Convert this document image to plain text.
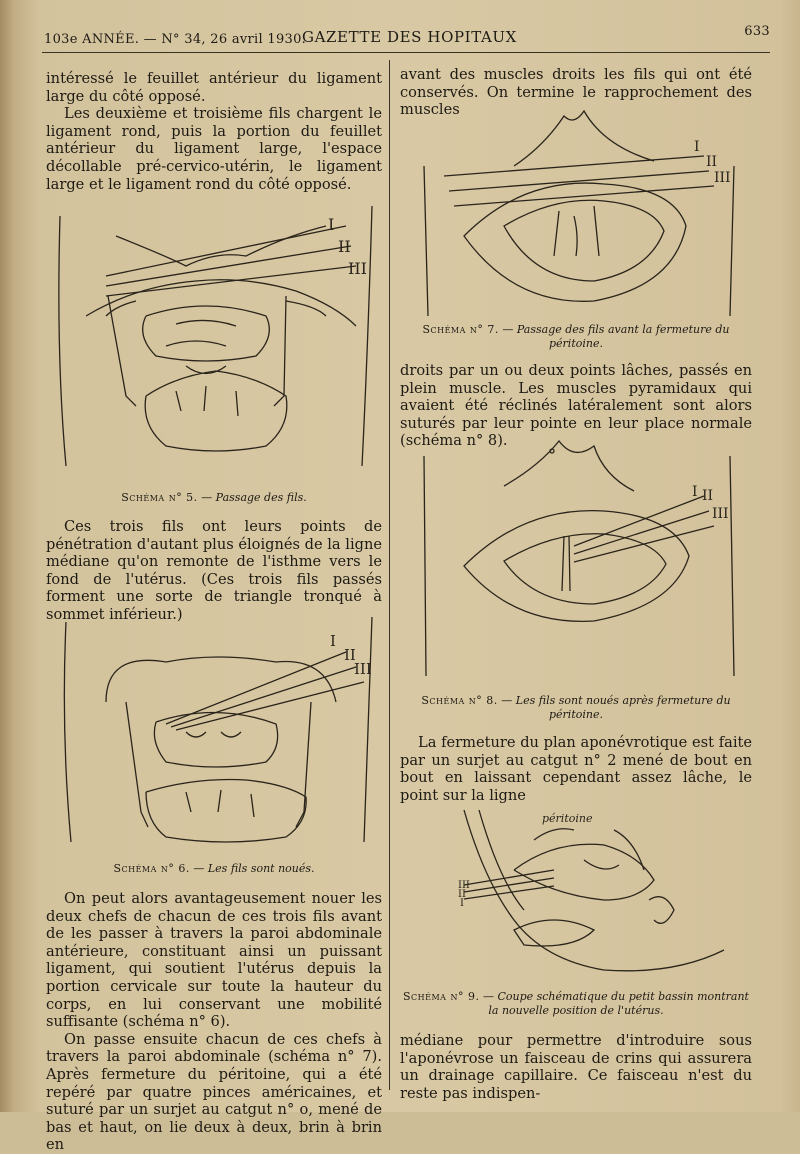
103e ANNÉE. — N° 34, 26 avril 1930.
GAZETTE DES HOPITAUX	633

intéressé le feuillet antérieur du ligament large du côté opposé.

Les deuxième et troisième fils chargent le ligament rond, puis la portion du feuillet antérieur du ligament large, l'espace décollable pré-cervico-utérin, le ligament large et le ligament rond du côté opposé.

I
II
III
Schéma n° 5. — Passage des fils.

Ces trois fils ont leurs points de pénétration d'autant plus éloignés de la ligne médiane qu'on remonte de l'isthme vers le fond de l'utérus. (Ces trois fils passés forment une sorte de triangle tronqué à sommet inférieur.)

I
II
III
Schéma n° 6. — Les fils sont noués.

On peut alors avantageusement nouer les deux chefs de chacun de ces trois fils avant de les passer à travers la paroi abdominale antérieure, constituant ainsi un puissant ligament, qui soutient l'utérus depuis la portion cervicale sur toute la hauteur du corps, en lui conservant une mobilité suffisante (schéma n° 6).

On passe ensuite chacun de ces chefs à travers la paroi abdominale (schéma n° 7). Après fermeture du péritoine, qui a été repéré par quatre pinces américaines, et suturé par un surjet au catgut n° o, mené de bas et haut, on lie deux à deux, brin à brin en

avant des muscles droits les fils qui ont été conservés. On termine le rapprochement des muscles

I
II
III
Schéma n° 7. — Passage des fils avant la fermeture du péritoine.

droits par un ou deux points lâches, passés en plein muscle. Les muscles pyramidaux qui avaient été réclinés latéralement sont alors suturés par leur pointe en leur place normale (schéma n° 8).

I II
III
Schéma n° 8. — Les fils sont noués après fermeture du péritoine.

La fermeture du plan aponévrotique est faite par un surjet au catgut n° 2 mené de bout en bout en laissant cependant assez lâche, le point sur la ligne

péritoine
III
II
I
Schéma n° 9. — Coupe schématique du petit bassin montrant la nouvelle position de l'utérus.

médiane pour permettre d'introduire sous l'aponévrose un faisceau de crins qui assurera un drainage capillaire. Ce faisceau n'est du reste pas indispen-
